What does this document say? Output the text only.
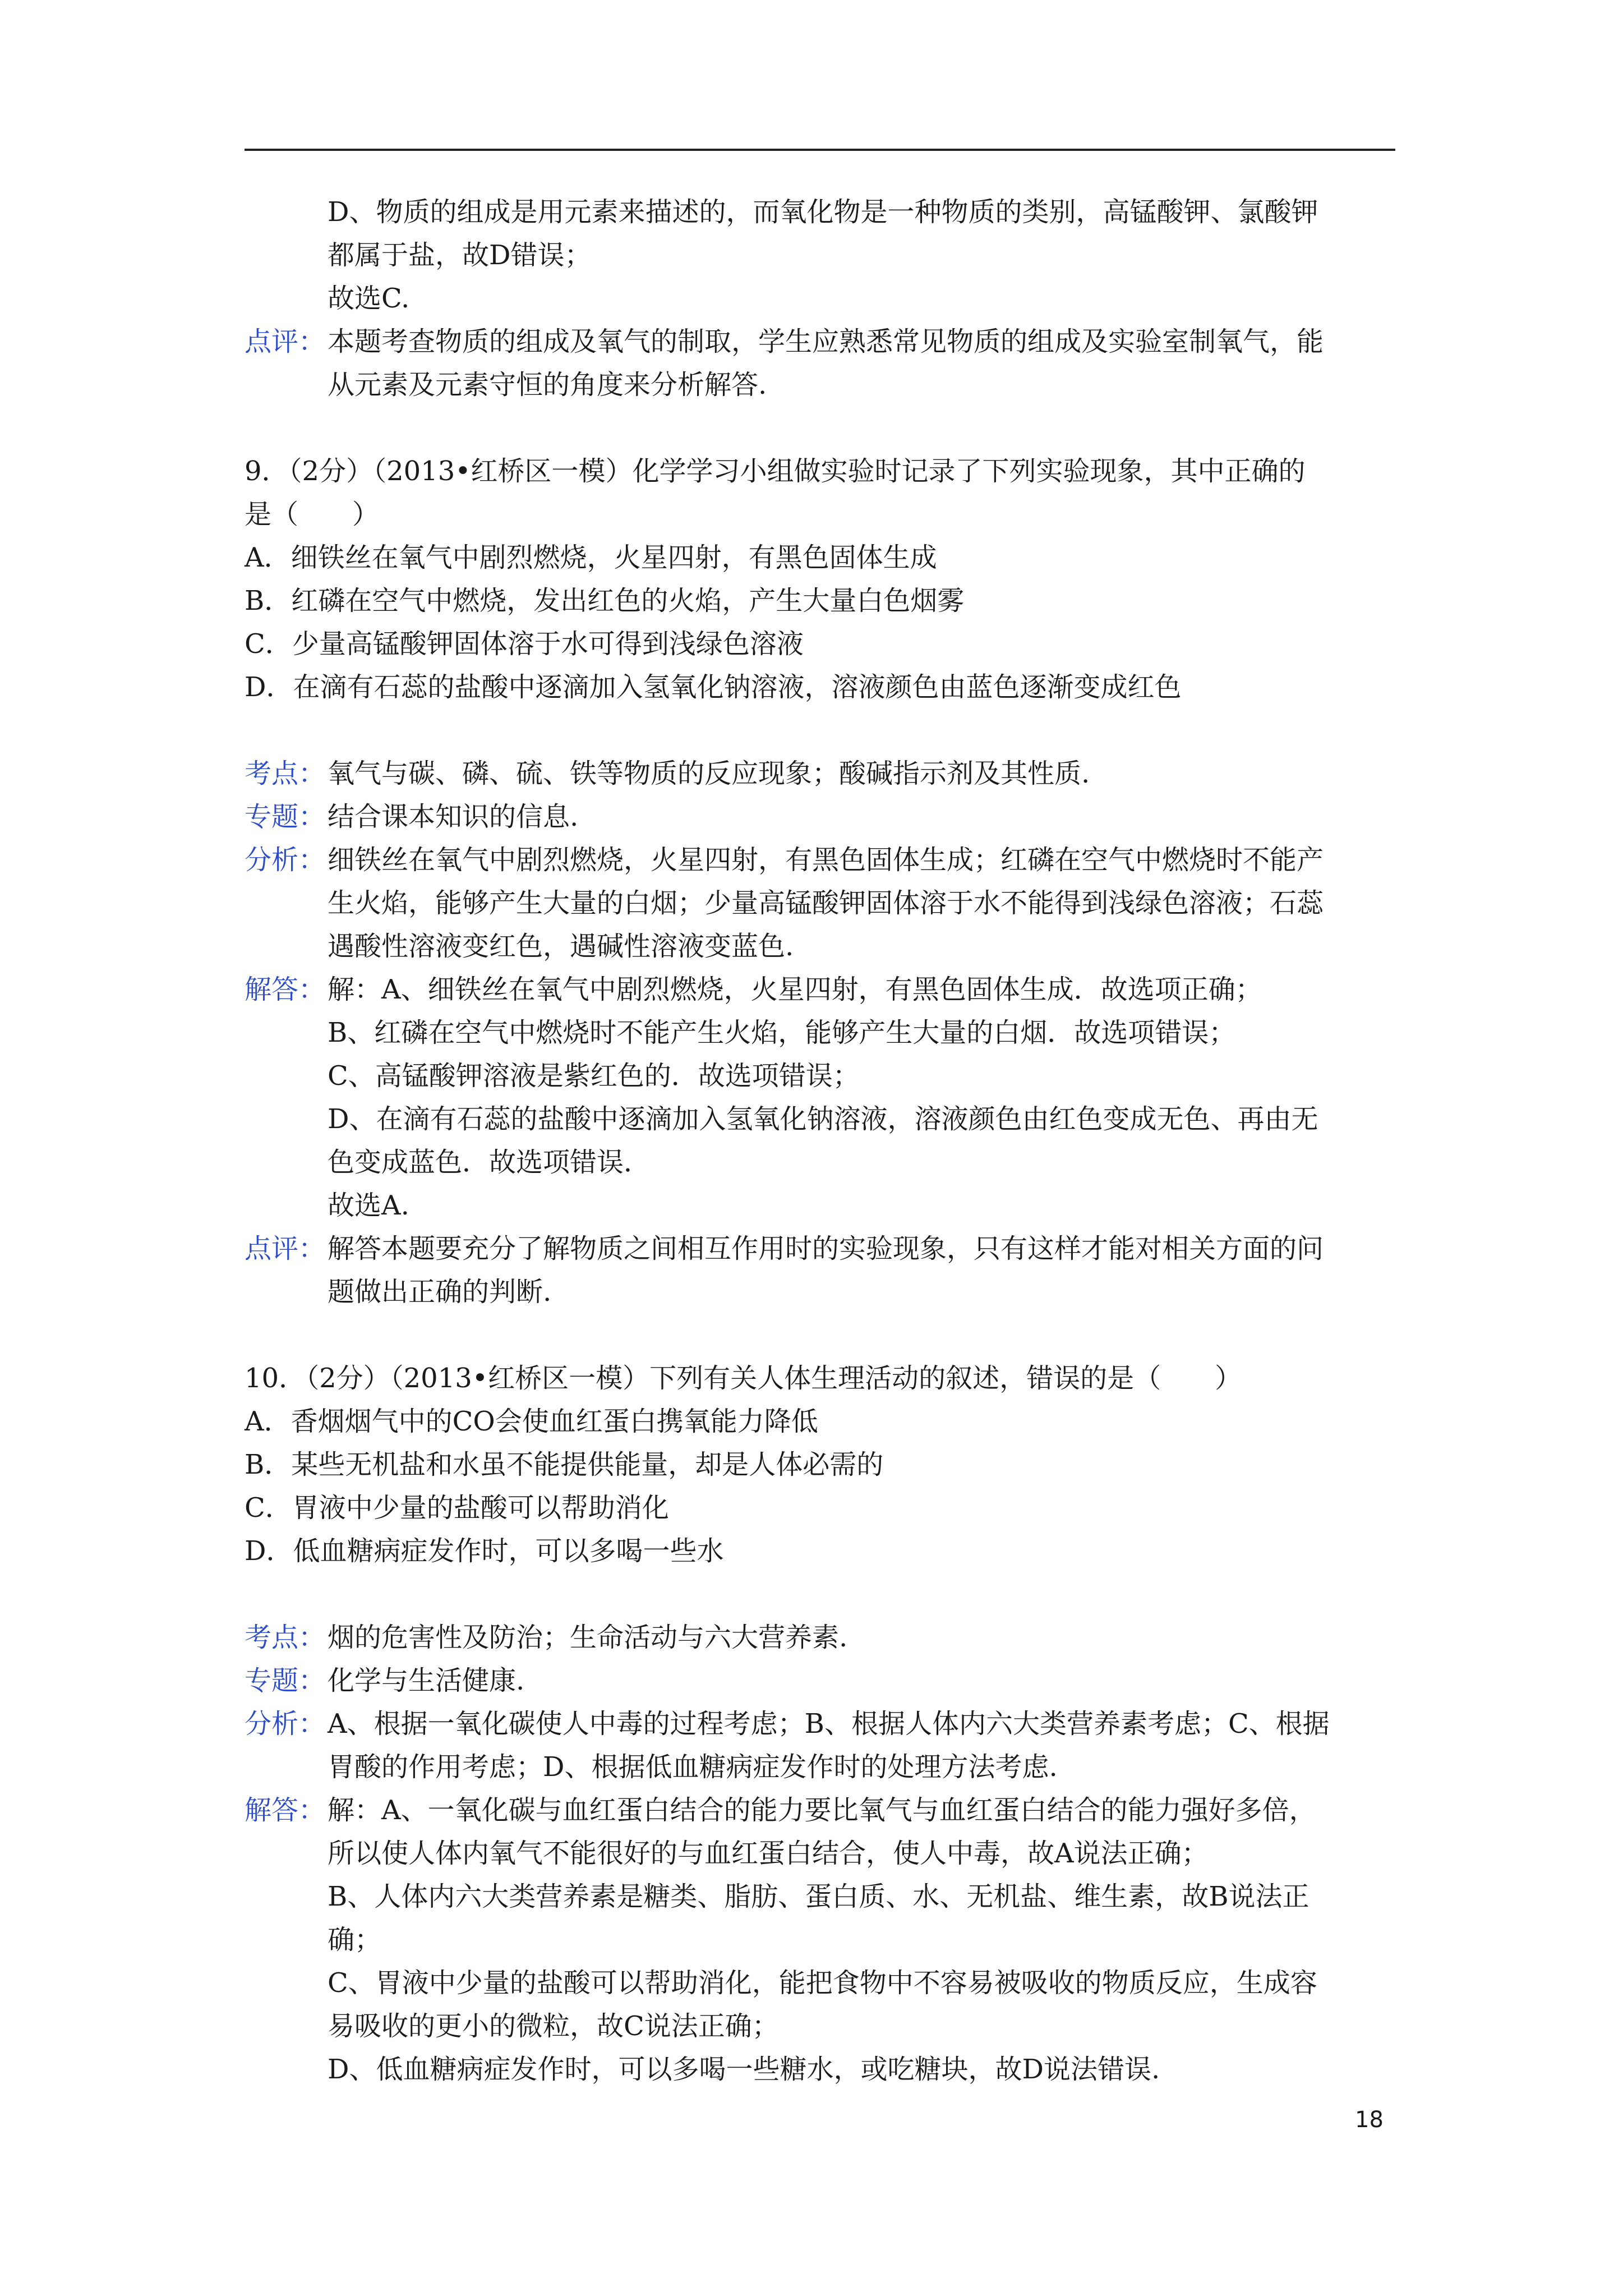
D、物质的组成是用元素来描述的，而氧化物是一种物质的类别，高锰酸钾、氯酸钾
都属于盐，故D错误；
故选C.
点评： 本题考查物质的组成及氧气的制取，学生应熟悉常见物质的组成及实验室制氧气，能
从元素及元素守恒的角度来分析解答.
9．（2分）（2013•红桥区一模）化学学习小组做实验时记录了下列实验现象，其中正确的
是（　　）
A．细铁丝在氧气中剧烈燃烧，火星四射，有黑色固体生成
B．红磷在空气中燃烧，发出红色的火焰，产生大量白色烟雾
C．少量高锰酸钾固体溶于水可得到浅绿色溶液
D．在滴有石蕊的盐酸中逐滴加入氢氧化钠溶液，溶液颜色由蓝色逐渐变成红色
考点：氧气与碳、磷、硫、铁等物质的反应现象；酸碱指示剂及其性质.
专题：结合课本知识的信息.
分析： 细铁丝在氧气中剧烈燃烧，火星四射，有黑色固体生成；红磷在空气中燃烧时不能产
生火焰，能够产生大量的白烟；少量高锰酸钾固体溶于水不能得到浅绿色溶液；石蕊
遇酸性溶液变红色，遇碱性溶液变蓝色.
解答： 解：A、细铁丝在氧气中剧烈燃烧，火星四射，有黑色固体生成．故选项正确；
B、红磷在空气中燃烧时不能产生火焰，能够产生大量的白烟．故选项错误；
C、高锰酸钾溶液是紫红色的．故选项错误；
D、在滴有石蕊的盐酸中逐滴加入氢氧化钠溶液，溶液颜色由红色变成无色、再由无
色变成蓝色．故选项错误．
故选A.
点评： 解答本题要充分了解物质之间相互作用时的实验现象，只有这样才能对相关方面的问
题做出正确的判断.
10．（2分）（2013•红桥区一模）下列有关人体生理活动的叙述，错误的是（　　）
A．香烟烟气中的CO会使血红蛋白携氧能力降低
B．某些无机盐和水虽不能提供能量，却是人体必需的
C．胃液中少量的盐酸可以帮助消化
D．低血糖病症发作时，可以多喝一些水
考点：烟的危害性及防治；生命活动与六大营养素.
专题：化学与生活健康.
分析： A、根据一氧化碳使人中毒的过程考虑；B、根据人体内六大类营养素考虑；C、根据
胃酸的作用考虑；D、根据低血糖病症发作时的处理方法考虑.
解答： 解：A、一氧化碳与血红蛋白结合的能力要比氧气与血红蛋白结合的能力强好多倍，
所以使人体内氧气不能很好的与血红蛋白结合，使人中毒，故A说法正确；
B、人体内六大类营养素是糖类、脂肪、蛋白质、水、无机盐、维生素，故B说法正
确；
C、胃液中少量的盐酸可以帮助消化，能把食物中不容易被吸收的物质反应，生成容
易吸收的更小的微粒，故C说法正确；
D、低血糖病症发作时，可以多喝一些糖水，或吃糖块，故D说法错误.
18
